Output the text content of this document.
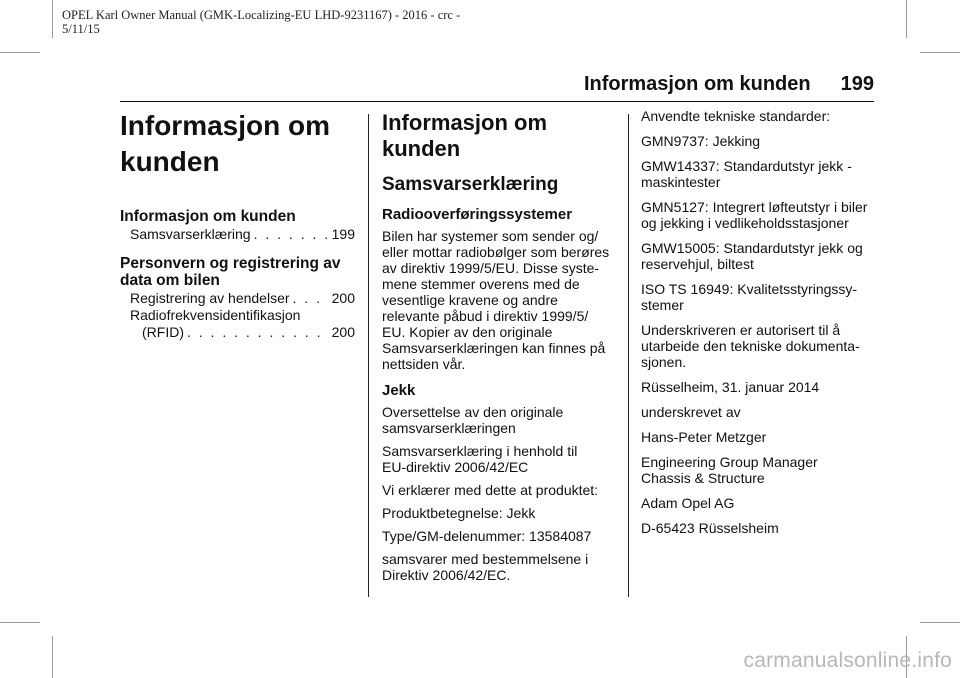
OPEL Karl Owner Manual (GMK-Localizing-EU LHD-9231167) - 2016 - crc -
5/11/15
Informasjon om kunden 199
Informasjon om
kunden
Informasjon om kunden
Samsvarserklæring . . .	199
Personvern og registrering av
data om bilen
Registrering av hendelser . . .	200
Radiofrekvensidentifikasjon
(RFID) . . .	200
Informasjon om
kunden
Samsvarserklæring
Radiooverføringssystemer
Bilen har systemer som sender og/
eller mottar radiobølger som berøres
av direktiv 1999/5/EU. Disse syste-
mene stemmer overens med de
vesentlige kravene og andre
relevante påbud i direktiv 1999/5/
EU. Kopier av den originale
Samsvarserklæringen kan finnes på
nettsiden vår.
Jekk
Oversettelse av den originale
samsvarserklæringen
Samsvarserklæring i henhold til
EU-direktiv 2006/42/EC
Vi erklærer med dette at produktet:
Produktbetegnelse: Jekk
Type/GM-delenummer: 13584087
samsvarer med bestemmelsene i
Direktiv 2006/42/EC.
Anvendte tekniske standarder:
GMN9737: Jekking
GMW14337: Standardutstyr jekk -
maskintester
GMN5127: Integrert løfteutstyr i biler
og jekking i vedlikeholdsstasjoner
GMW15005: Standardutstyr jekk og
reservehjul, biltest
ISO TS 16949: Kvalitetsstyringssy-
stemer
Underskriveren er autorisert til å
utarbeide den tekniske dokumenta-
sjonen.
Rüsselheim, 31. januar 2014
underskrevet av
Hans-Peter Metzger
Engineering Group Manager
Chassis & Structure
Adam Opel AG
D-65423 Rüsselsheim
carmanualsonline.info
